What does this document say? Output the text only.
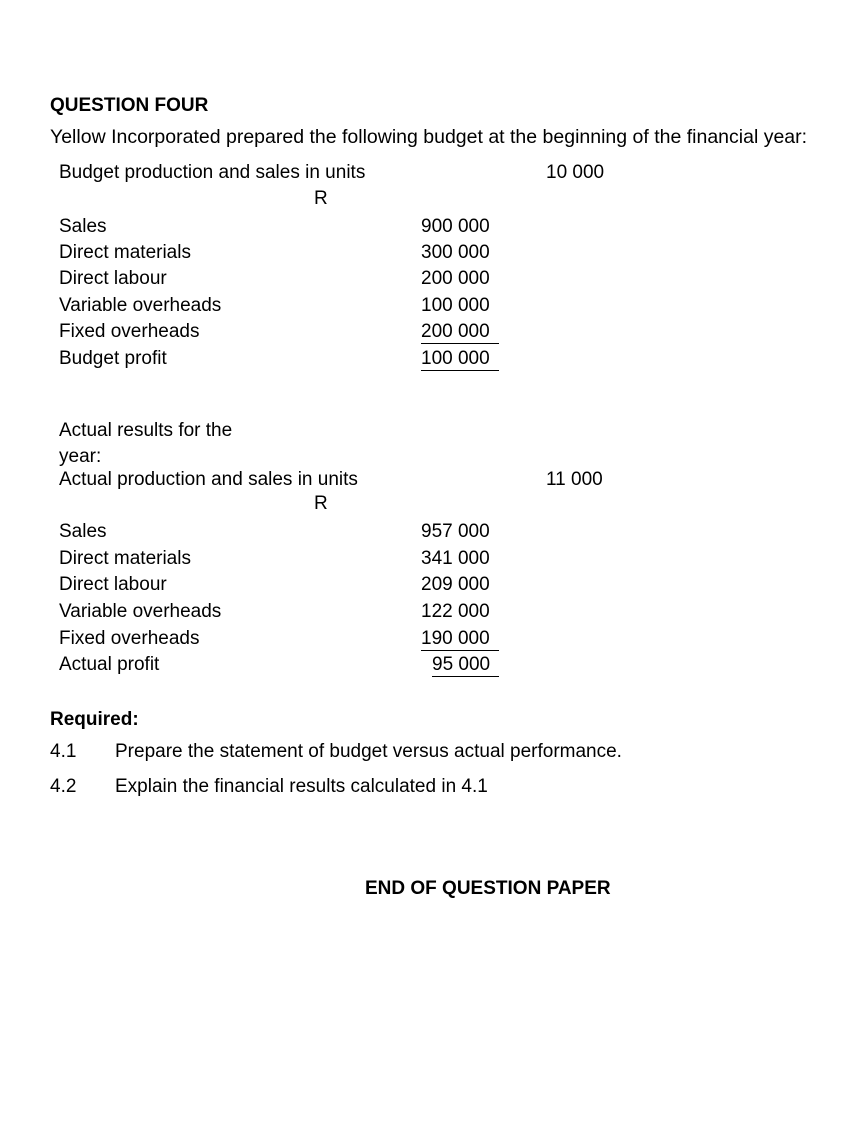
QUESTION FOUR
Yellow Incorporated prepared the following budget at the beginning of the financial year:
Budget production and sales in units	10 000
R
Sales	900 000
Direct materials	300 000
Direct labour	200 000
Variable overheads	100 000
Fixed overheads	200 000
Budget profit	100 000
Actual results for the
year:
Actual production and sales in units	11 000
R
Sales	957 000
Direct materials	341 000
Direct labour	209 000
Variable overheads	122 000
Fixed overheads	190 000
Actual profit	95 000
Required:
4.1 Prepare the statement of budget versus actual performance.
4.2 Explain the financial results calculated in 4.1
END OF QUESTION PAPER
